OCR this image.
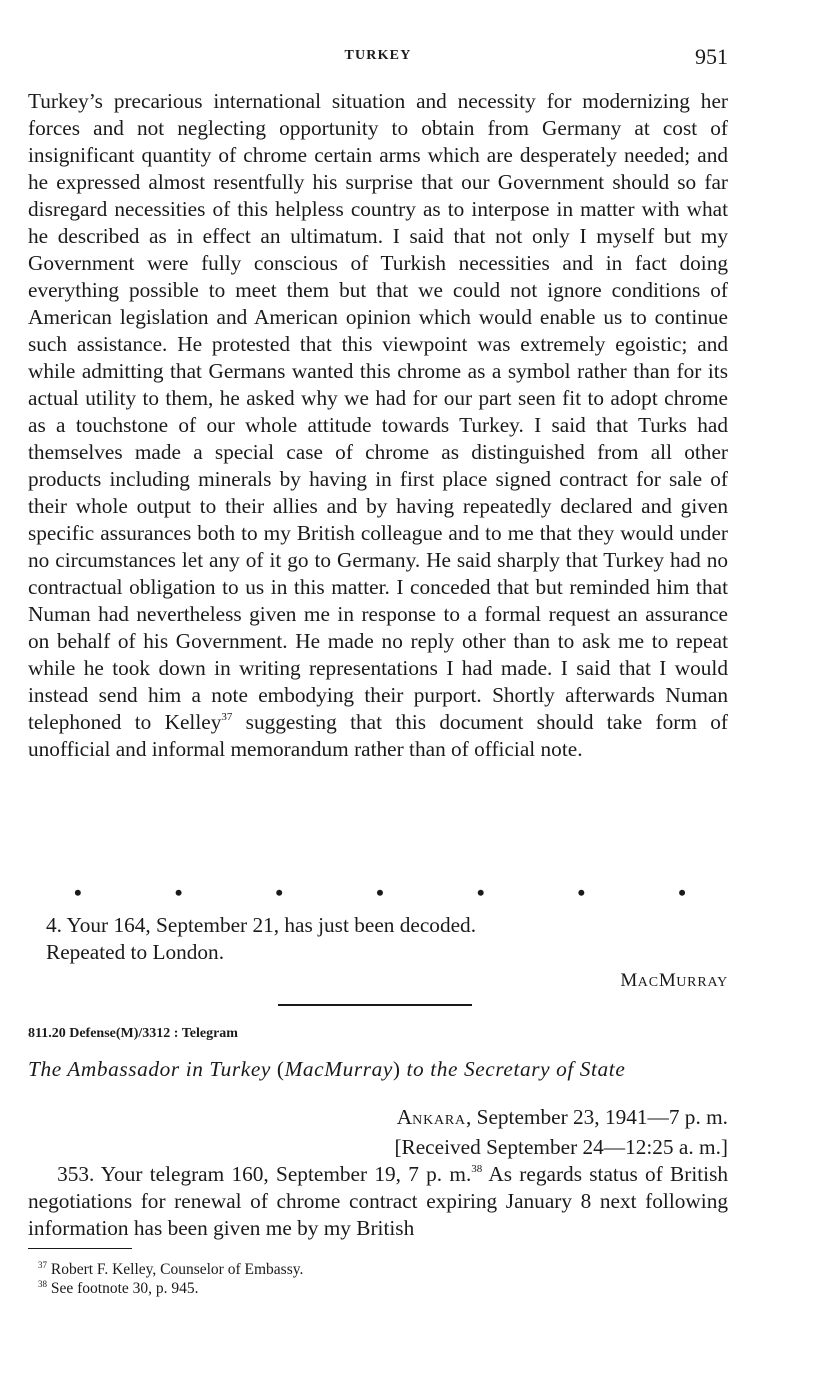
TURKEY	951

Turkey’s precarious international situation and necessity for modernizing her forces and not neglecting opportunity to obtain from Germany at cost of insignificant quantity of chrome certain arms which are desperately needed; and he expressed almost resentfully his surprise that our Government should so far disregard necessities of this helpless country as to interpose in matter with what he described as in effect an ultimatum. I said that not only I myself but my Government were fully conscious of Turkish necessities and in fact doing everything possible to meet them but that we could not ignore conditions of American legislation and American opinion which would enable us to continue such assistance. He protested that this viewpoint was extremely egoistic; and while admitting that Germans wanted this chrome as a symbol rather than for its actual utility to them, he asked why we had for our part seen fit to adopt chrome as a touchstone of our whole attitude towards Turkey. I said that Turks had themselves made a special case of chrome as distinguished from all other products including minerals by having in first place signed contract for sale of their whole output to their allies and by having repeatedly declared and given specific assurances both to my British colleague and to me that they would under no circumstances let any of it go to Germany. He said sharply that Turkey had no contractual obligation to us in this matter. I conceded that but reminded him that Numan had nevertheless given me in response to a formal request an assurance on behalf of his Government. He made no reply other than to ask me to repeat while he took down in writing representations I had made. I said that I would instead send him a note embodying their purport. Shortly afterwards Numan telephoned to Kelley$^{37}$ suggesting that this document should take form of unofficial and informal memorandum rather than of official note.

•	•	•	•	•	•	•
4. Your 164, September 21, has just been decoded.
Repeated to London.
MACMURRAY
811.20 Defense(M)/3312 : Telegram
The Ambassador in Turkey (MacMurray) to the Secretary of State
ANKARA, September 23, 1941—7 p. m.
[Received September 24—12:25 a. m.]

353. Your telegram 160, September 19, 7 p. m.$^{38}$ As regards status of British negotiations for renewal of chrome contract expiring January 8 next following information has been given me by my British

$^{37}$ Robert F. Kelley, Counselor of Embassy.
$^{38}$ See footnote 30, p. 945.
